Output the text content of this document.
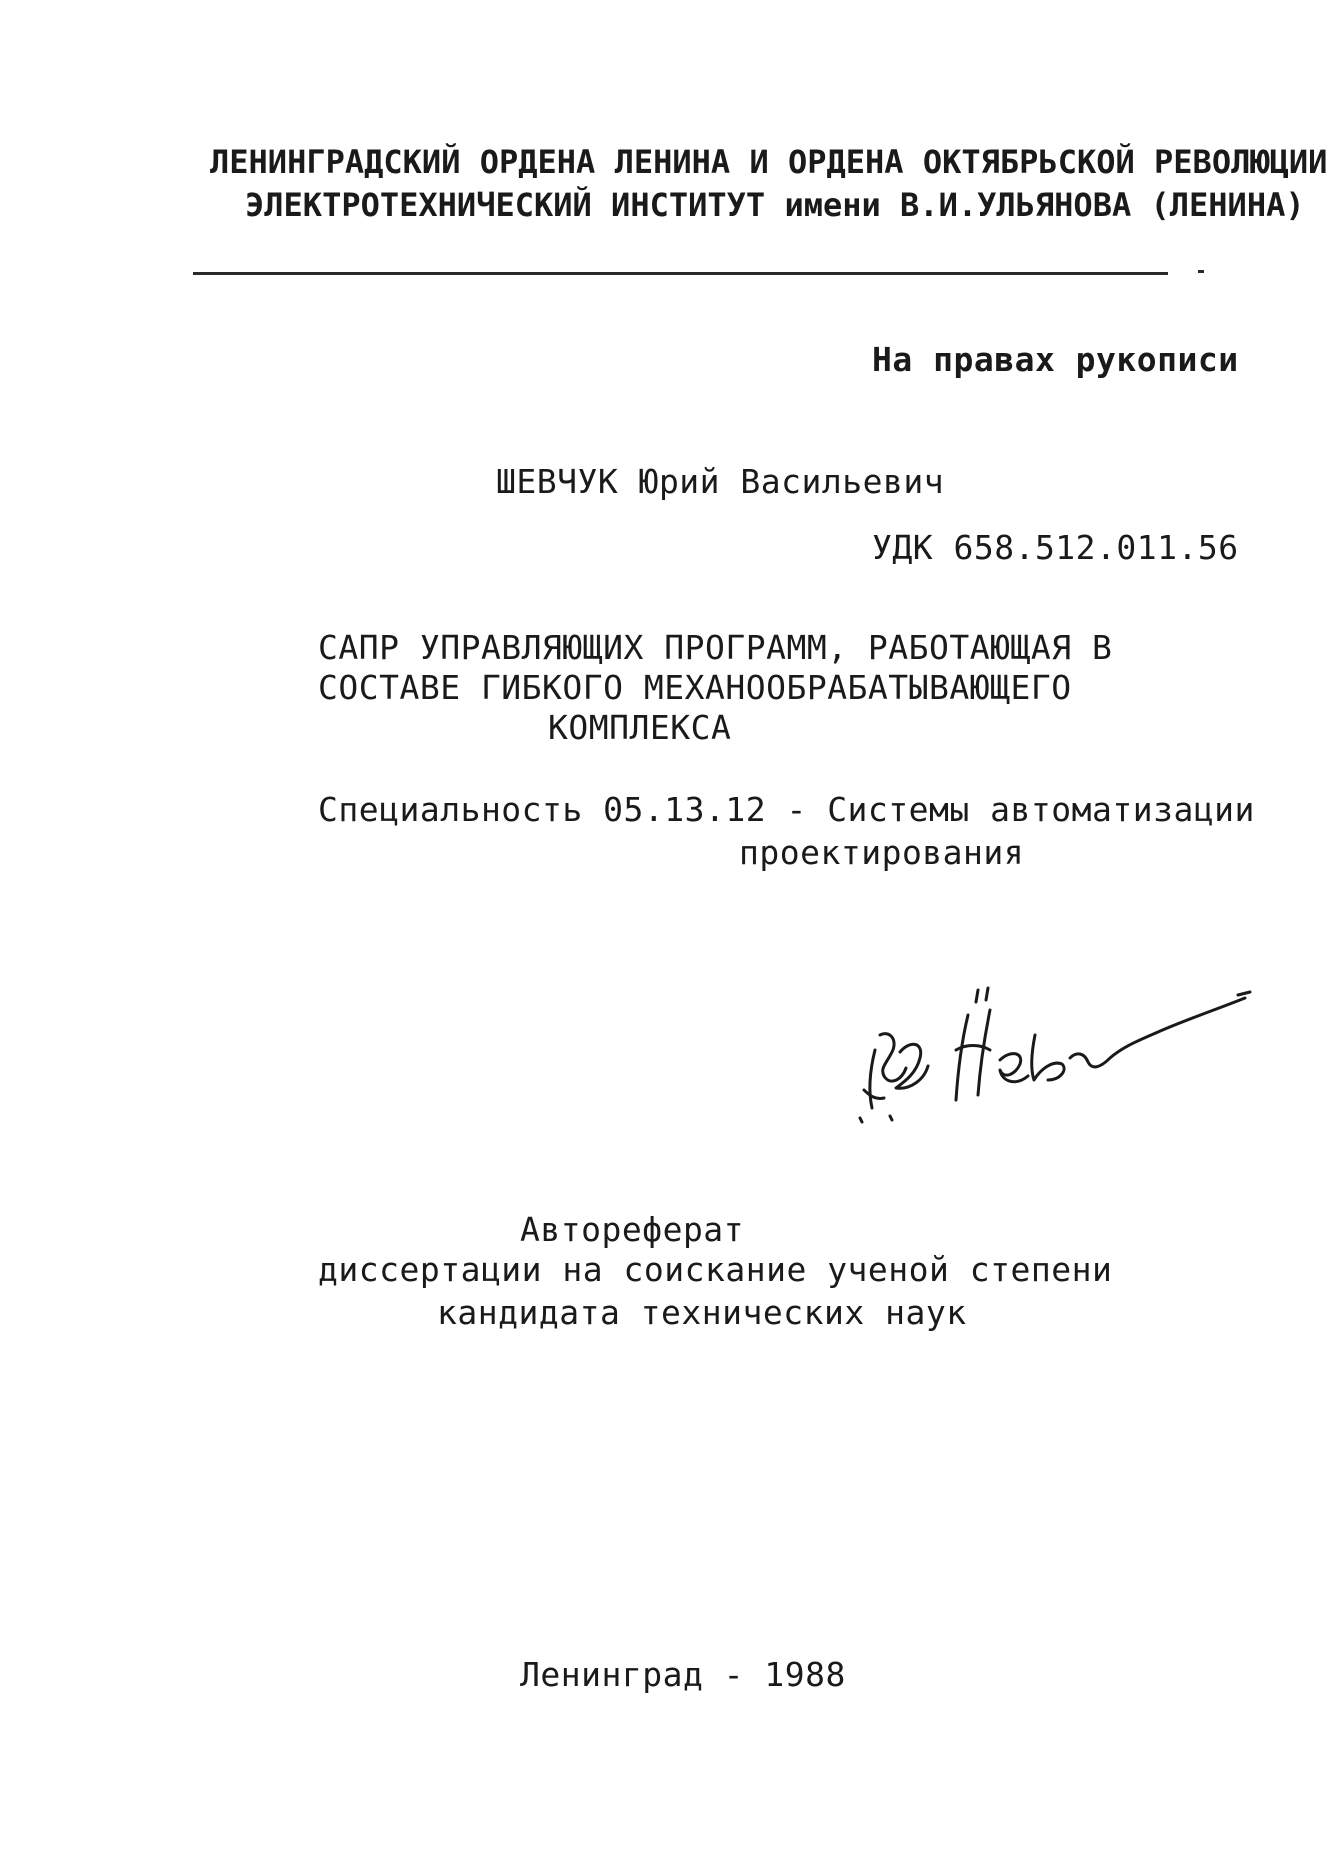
ЛЕНИНГРАДСКИЙ ОРДЕНА ЛЕНИНА И ОРДЕНА ОКТЯБРЬСКОЙ РЕВОЛЮЦИИ
ЭЛЕКТРОТЕХНИЧЕСКИЙ ИНСТИТУТ имени В.И.УЛЬЯНОВА (ЛЕНИНА)
На правах рукописи
ШЕВЧУК Юрий Васильевич
УДК 658.512.011.56
САПР УПРАВЛЯЮЩИХ ПРОГРАММ, РАБОТАЮЩАЯ В
СОСТАВЕ ГИБКОГО МЕХАНООБРАБАТЫВАЮЩЕГО
КОМПЛЕКСА
Специальность 05.13.12 - Системы автоматизации
проектирования
Автореферат
диссертации на соискание ученой степени
кандидата технических наук
Ленинград - 1988
